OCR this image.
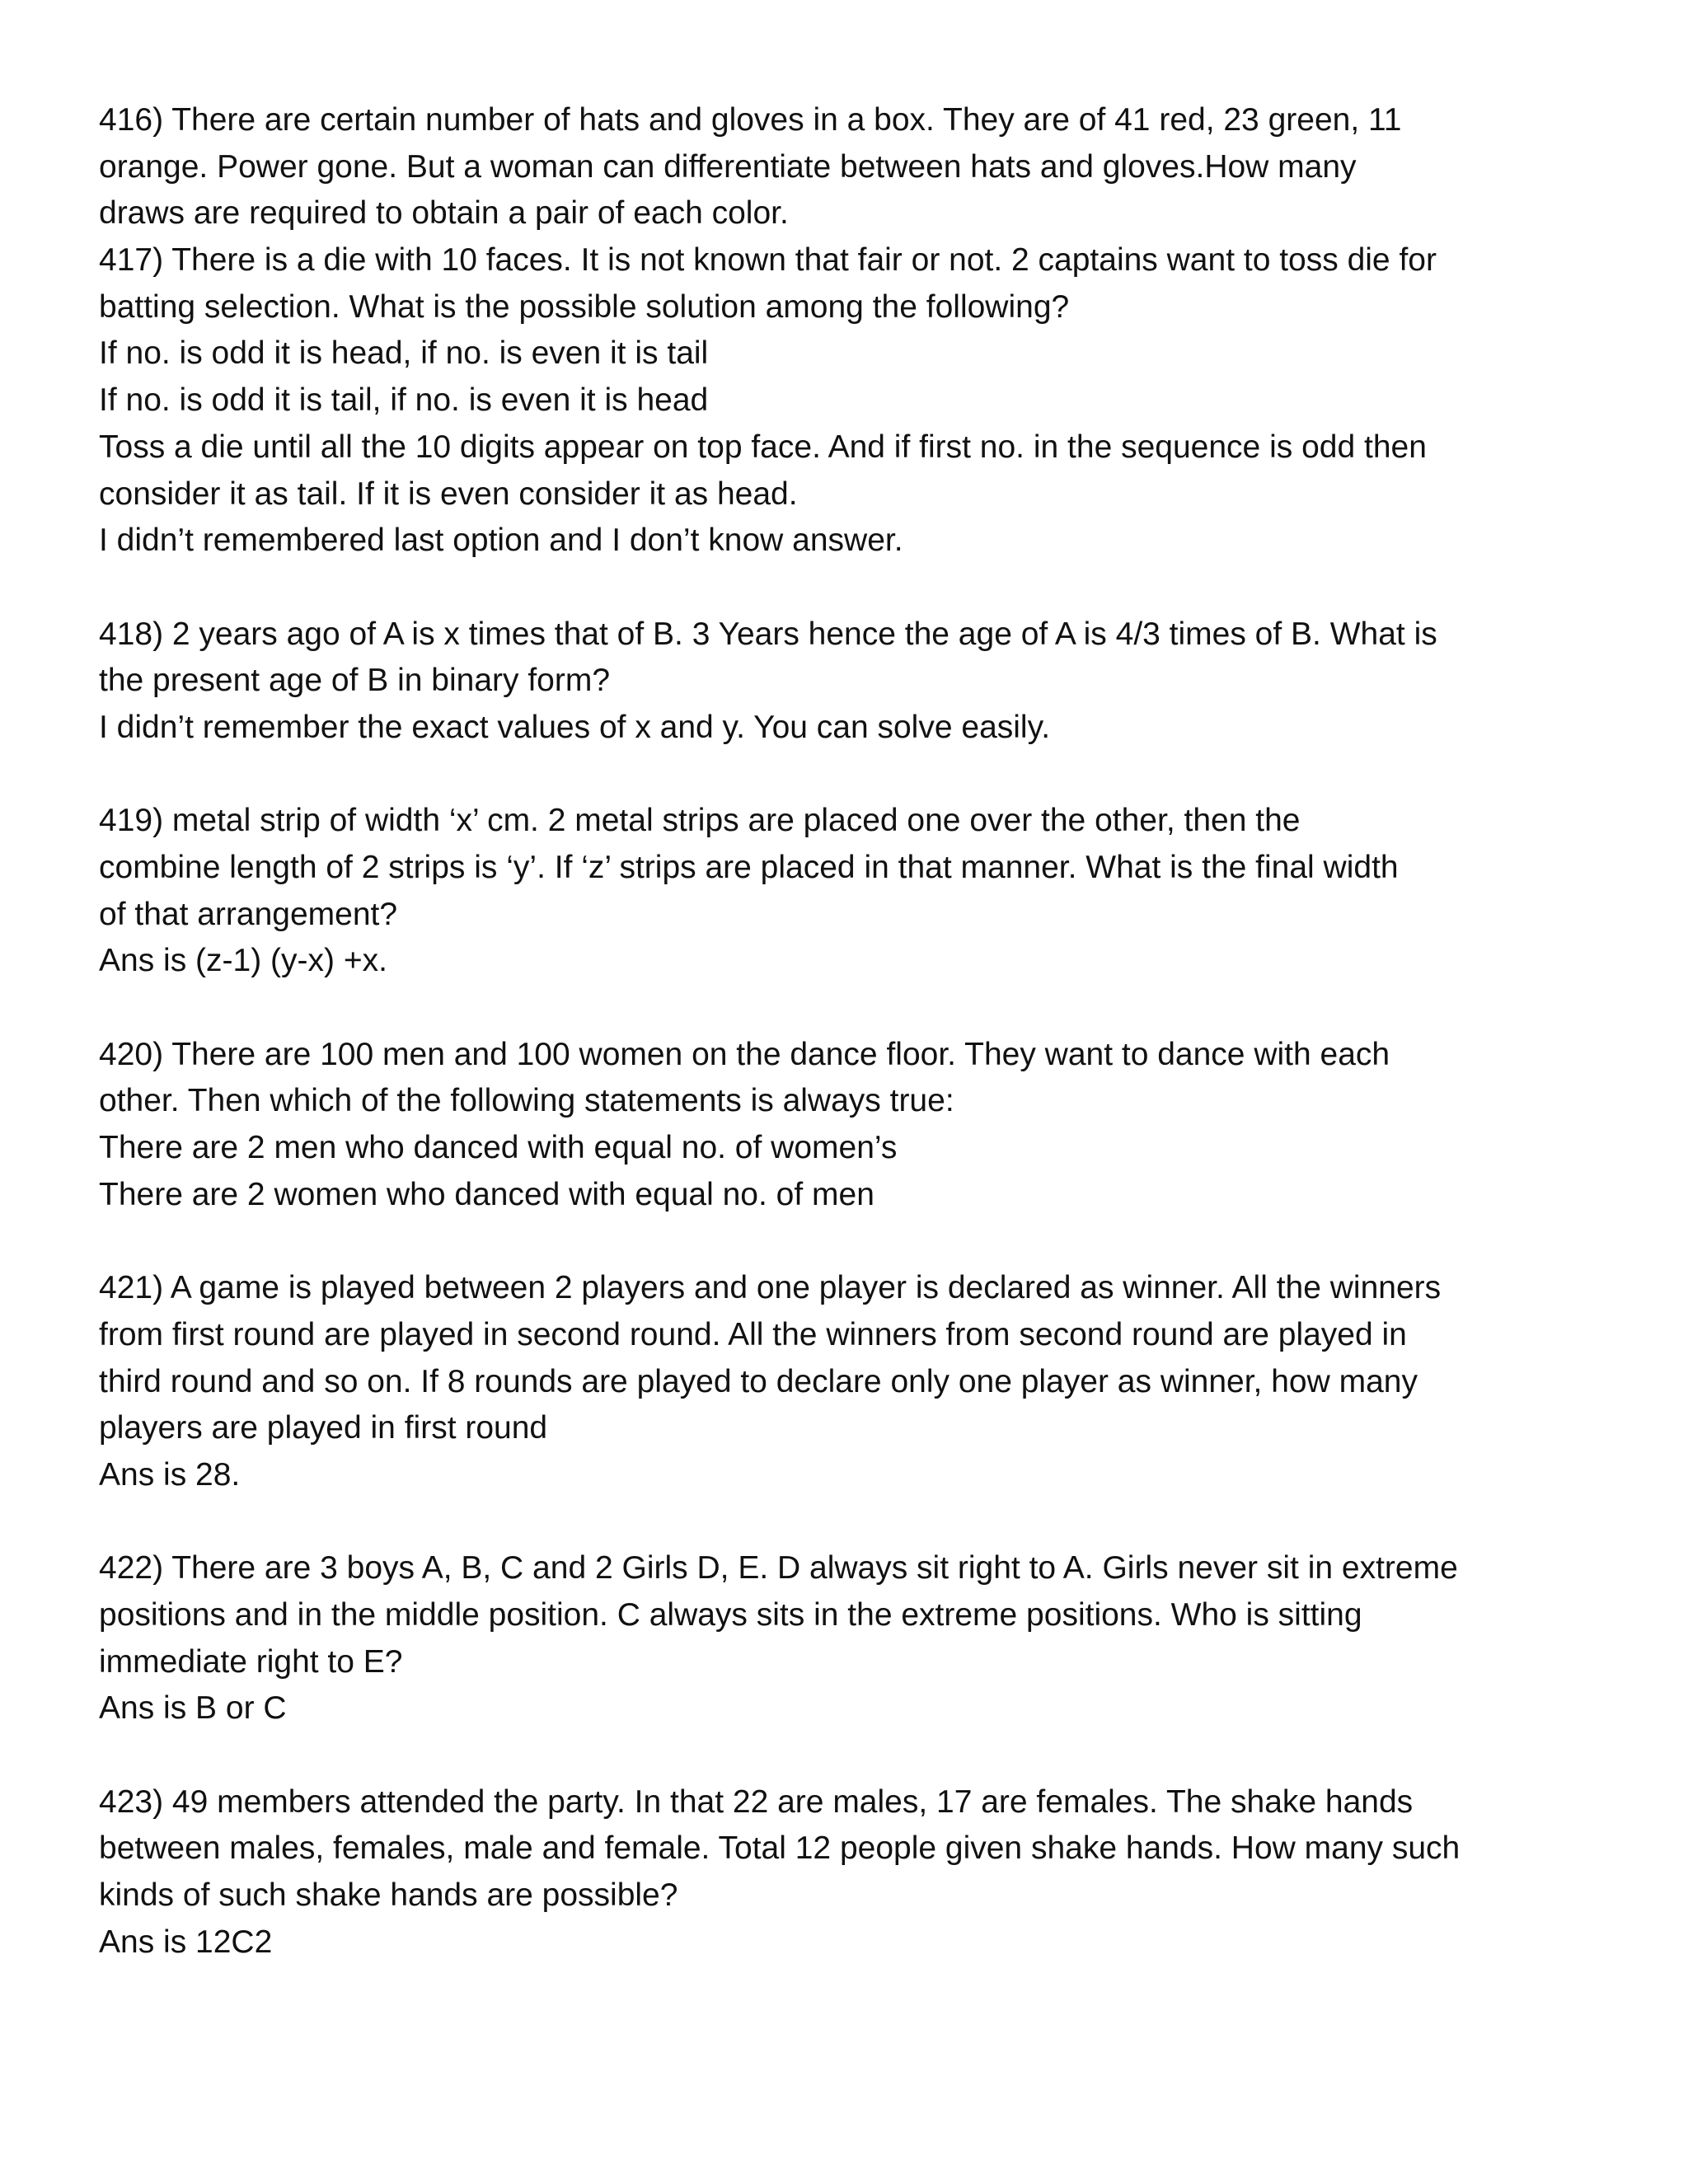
416) There are certain number of hats and gloves in a box. They are of 41 red, 23 green, 11
orange. Power gone. But a woman can differentiate between hats and gloves.How many
draws are required to obtain a pair of each color.
417) There is a die with 10 faces. It is not known that fair or not. 2 captains want to toss die for
batting selection. What is the possible solution among the following?
If no. is odd it is head, if no. is even it is tail
If no. is odd it is tail, if no. is even it is head
Toss a die until all the 10 digits appear on top face. And if first no. in the sequence is odd then
consider it as tail. If it is even consider it as head.
I didn’t remembered last option and I don’t know answer.
418) 2 years ago of A is x times that of B. 3 Years hence the age of A is 4/3 times of B. What is
the present age of B in binary form?
I didn’t remember the exact values of x and y. You can solve easily.
419) metal strip of width ‘x’ cm. 2 metal strips are placed one over the other, then the
combine length of 2 strips is ‘y’. If ‘z’ strips are placed in that manner. What is the final width
of that arrangement?
Ans is (z-1) (y-x) +x.
420) There are 100 men and 100 women on the dance floor. They want to dance with each
other. Then which of the following statements is always true:
There are 2 men who danced with equal no. of women’s
There are 2 women who danced with equal no. of men
421) A game is played between 2 players and one player is declared as winner. All the winners
from first round are played in second round. All the winners from second round are played in
third round and so on. If 8 rounds are played to declare only one player as winner, how many
players are played in first round
Ans is 28.
422) There are 3 boys A, B, C and 2 Girls D, E. D always sit right to A. Girls never sit in extreme
positions and in the middle position. C always sits in the extreme positions. Who is sitting
immediate right to E?
Ans is B or C
423) 49 members attended the party. In that 22 are males, 17 are females. The shake hands
between males, females, male and female. Total 12 people given shake hands. How many such
kinds of such shake hands are possible?
Ans is 12C2
